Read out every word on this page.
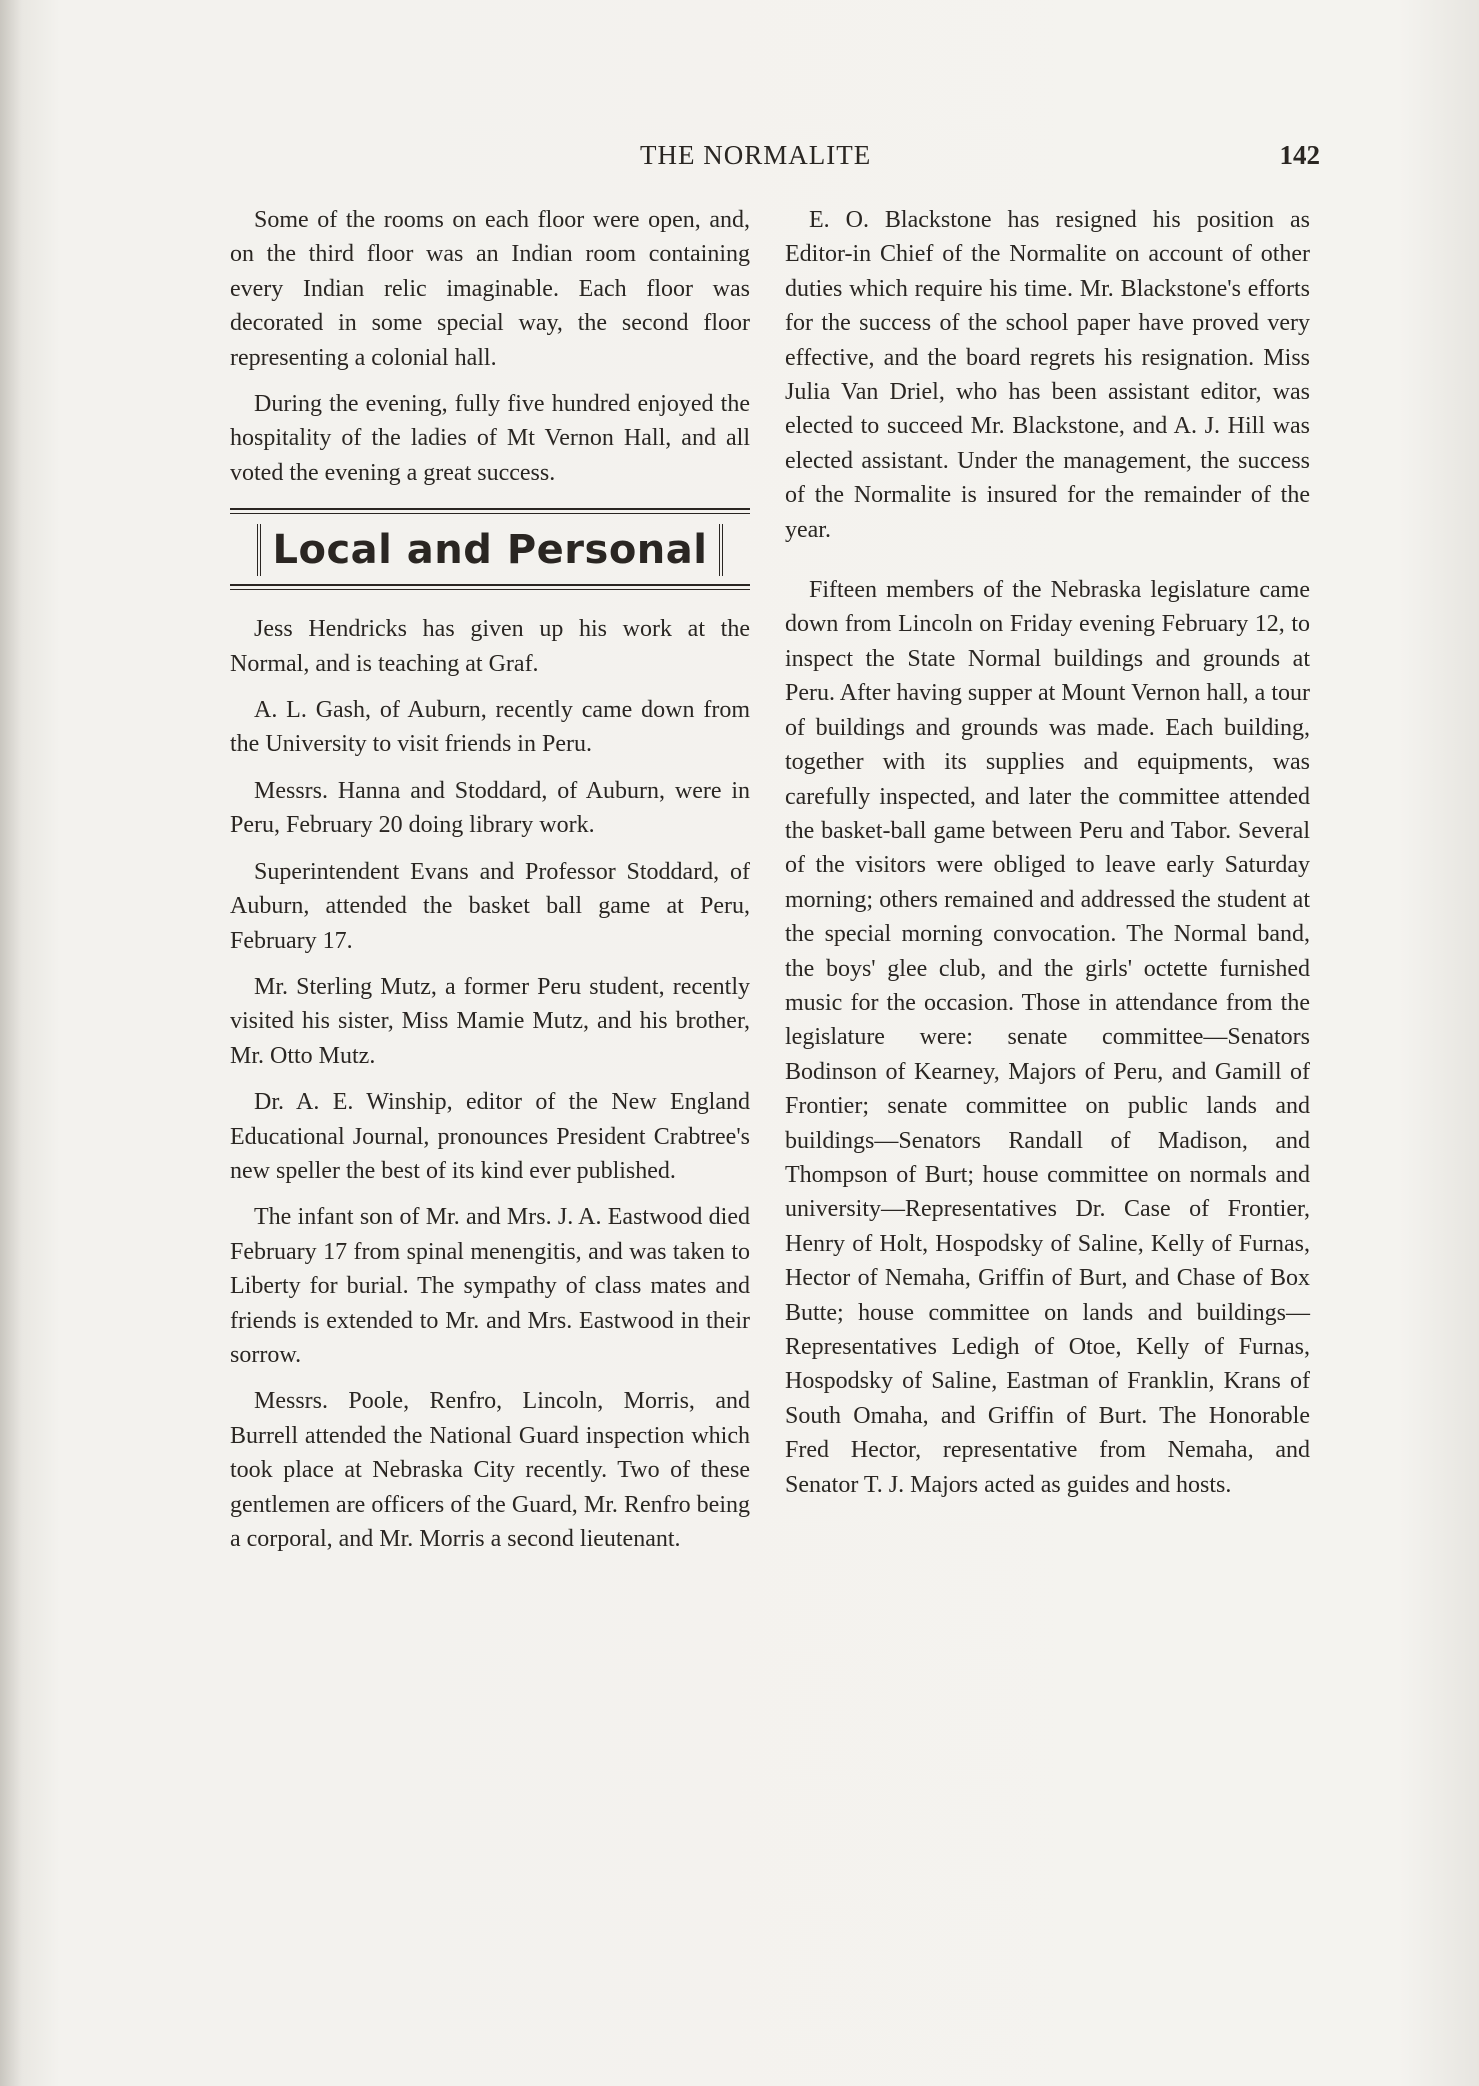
THE NORMALITE	142

Some of the rooms on each floor were open, and, on the third floor was an Indian room containing every Indian relic imaginable. Each floor was decorated in some special way, the second floor representing a colonial hall.

During the evening, fully five hundred enjoyed the hospitality of the ladies of Mt Vernon Hall, and all voted the evening a great success.

Local and Personal

Jess Hendricks has given up his work at the Normal, and is teaching at Graf.

A. L. Gash, of Auburn, recently came down from the University to visit friends in Peru.

Messrs. Hanna and Stoddard, of Auburn, were in Peru, February 20 doing library work.

Superintendent Evans and Professor Stoddard, of Auburn, attended the basket ball game at Peru, February 17.

Mr. Sterling Mutz, a former Peru student, recently visited his sister, Miss Mamie Mutz, and his brother, Mr. Otto Mutz.

Dr. A. E. Winship, editor of the New England Educational Journal, pronounces President Crabtree's new speller the best of its kind ever published.

The infant son of Mr. and Mrs. J. A. Eastwood died February 17 from spinal menengitis, and was taken to Liberty for burial. The sympathy of class mates and friends is extended to Mr. and Mrs. Eastwood in their sorrow.

Messrs. Poole, Renfro, Lincoln, Morris, and Burrell attended the National Guard inspection which took place at Nebraska City recently. Two of these gentlemen are officers of the Guard, Mr. Renfro being a corporal, and Mr. Morris a second lieutenant.

E. O. Blackstone has resigned his position as Editor-in Chief of the Normalite on account of other duties which require his time. Mr. Blackstone's efforts for the success of the school paper have proved very effective, and the board regrets his resignation. Miss Julia Van Driel, who has been assistant editor, was elected to succeed Mr. Blackstone, and A. J. Hill was elected assistant. Under the management, the success of the Normalite is insured for the remainder of the year.

Fifteen members of the Nebraska legislature came down from Lincoln on Friday evening February 12, to inspect the State Normal buildings and grounds at Peru. After having supper at Mount Vernon hall, a tour of buildings and grounds was made. Each building, together with its supplies and equipments, was carefully inspected, and later the committee attended the basket-ball game between Peru and Tabor. Several of the visitors were obliged to leave early Saturday morning; others remained and addressed the student at the special morning convocation. The Normal band, the boys' glee club, and the girls' octette furnished music for the occasion. Those in attendance from the legislature were: senate committee—Senators Bodinson of Kearney, Majors of Peru, and Gamill of Frontier; senate committee on public lands and buildings—Senators Randall of Madison, and Thompson of Burt; house committee on normals and university—Representatives Dr. Case of Frontier, Henry of Holt, Hospodsky of Saline, Kelly of Furnas, Hector of Nemaha, Griffin of Burt, and Chase of Box Butte; house committee on lands and buildings—Representatives Ledigh of Otoe, Kelly of Furnas, Hospodsky of Saline, Eastman of Franklin, Krans of South Omaha, and Griffin of Burt. The Honorable Fred Hector, representative from Nemaha, and Senator T. J. Majors acted as guides and hosts.
